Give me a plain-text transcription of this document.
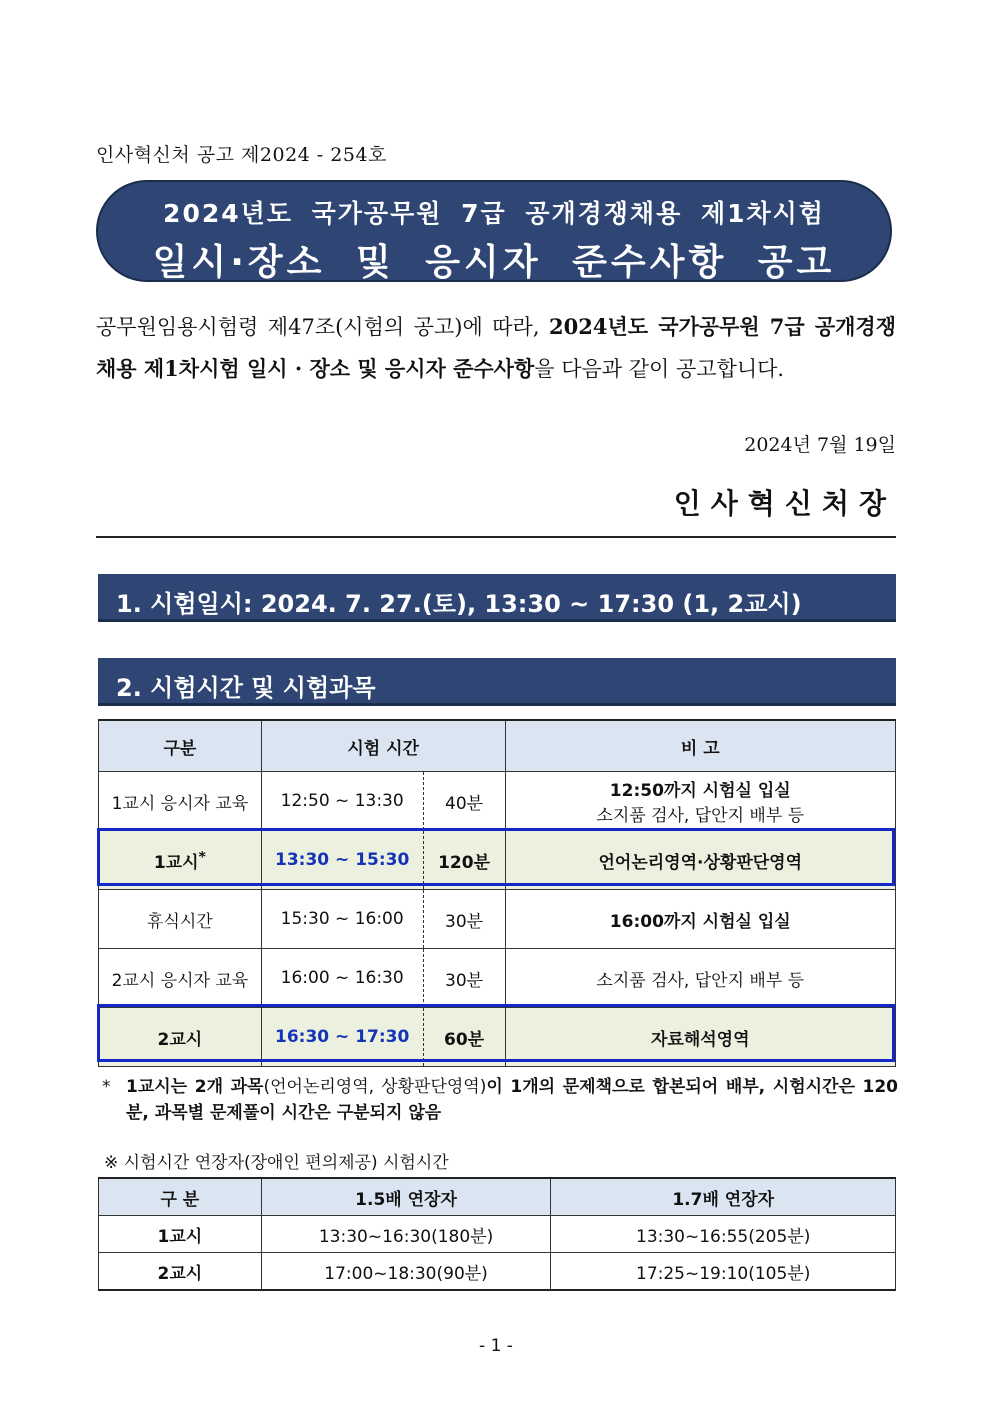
인사혁신처 공고 제2024 - 254호
2024년도 국가공무원 7급 공개경쟁채용 제1차시험
일시·장소 및 응시자 준수사항 공고
공무원임용시험령 제47조(시험의 공고)에 따라, 2024년도 국가공무원 7급 공개경쟁채용 제1차시험 일시 · 장소 및 응시자 준수사항을 다음과 같이 공고합니다.
2024년 7월 19일
인사혁신처장
1. 시험일시: 2024. 7. 27.(토), 13:30 ~ 17:30 (1, 2교시)
2. 시험시간 및 시험과목
구분	시험 시간		비 고
1교시 응시자 교육	12:50 ~ 13:30	40분	12:50까지 시험실 입실
소지품 검사, 답안지 배부 등

1교시*	13:30 ~ 15:30	120분	언어논리영역·상황판단영역
휴식시간	15:30 ~ 16:00	30분	16:00까지 시험실 입실
2교시 응시자 교육	16:00 ~ 16:30	30분	소지품 검사, 답안지 배부 등
2교시	16:30 ~ 17:30	60분	자료해석영역
* 1교시는 2개 과목(언어논리영역, 상황판단영역)이 1개의 문제책으로 합본되어 배부, 시험시간은 120분, 과목별 문제풀이 시간은 구분되지 않음
※ 시험시간 연장자(장애인 편의제공) 시험시간
구 분	1.5배 연장자	1.7배 연장자
1교시	13:30~16:30(180분)	13:30~16:55(205분)
2교시	17:00~18:30(90분)	17:25~19:10(105분)
- 1 -
